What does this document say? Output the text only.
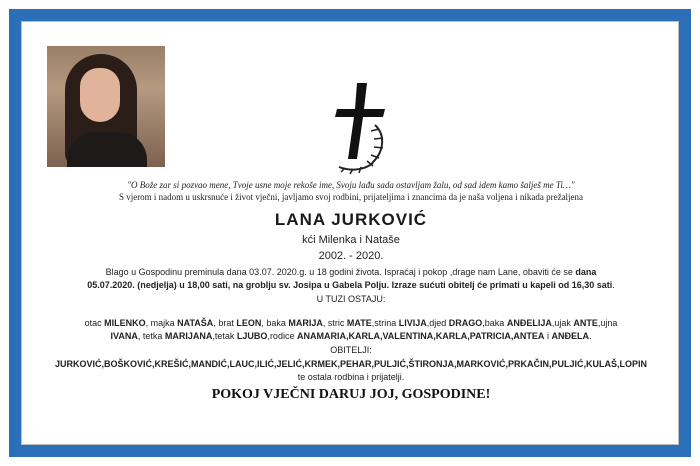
"O Bože zar si pozvao mene, Tvoje usne moje rekoše ime, Svoju lađu sada ostavljam žalu, od sad idem kamo šalješ me Ti…"
S vjerom i nadom u uskrsnuće i život vječni, javljamo svoj rodbini, prijateljima i znancima da je naša voljena i nikada prežaljena
LANA JURKOVIĆ
kći Milenka i Nataše
2002. - 2020.
Blago u Gospodinu preminula dana 03.07. 2020.g. u 18 godini života. Ispraćaj i pokop ,drage nam Lane, obaviti će se dana
05.07.2020. (nedjelja) u 18,00 sati, na groblju sv. Josipa u Gabela Polju. Izraze sućuti obitelj će primati u kapeli od 16,30 sati.
U TUZI OSTAJU:
otac MILENKO, majka NATAŠA, brat LEON, baka MARIJA, stric MATE,strina LIVIJA,djed DRAGO,baka ANĐELIJA,ujak ANTE,ujna
IVANA, tetka MARIJANA,tetak LJUBO,rodice ANAMARIA,KARLA,VALENTINA,KARLA,PATRICIA,ANTEA i ANĐELA.
OBITELJI:
JURKOVIĆ,BOŠKOVIĆ,KREŠIĆ,MANDIĆ,LAUC,ILIĆ,JELIĆ,KRMEK,PEHAR,PULJIĆ,ŠTIRONJA,MARKOVIĆ,PRKAČIN,PULJIĆ,KULAŠ,LOPIN
te ostala rodbina i prijatelji.
POKOJ VJEČNI DARUJ JOJ, GOSPODINE!
